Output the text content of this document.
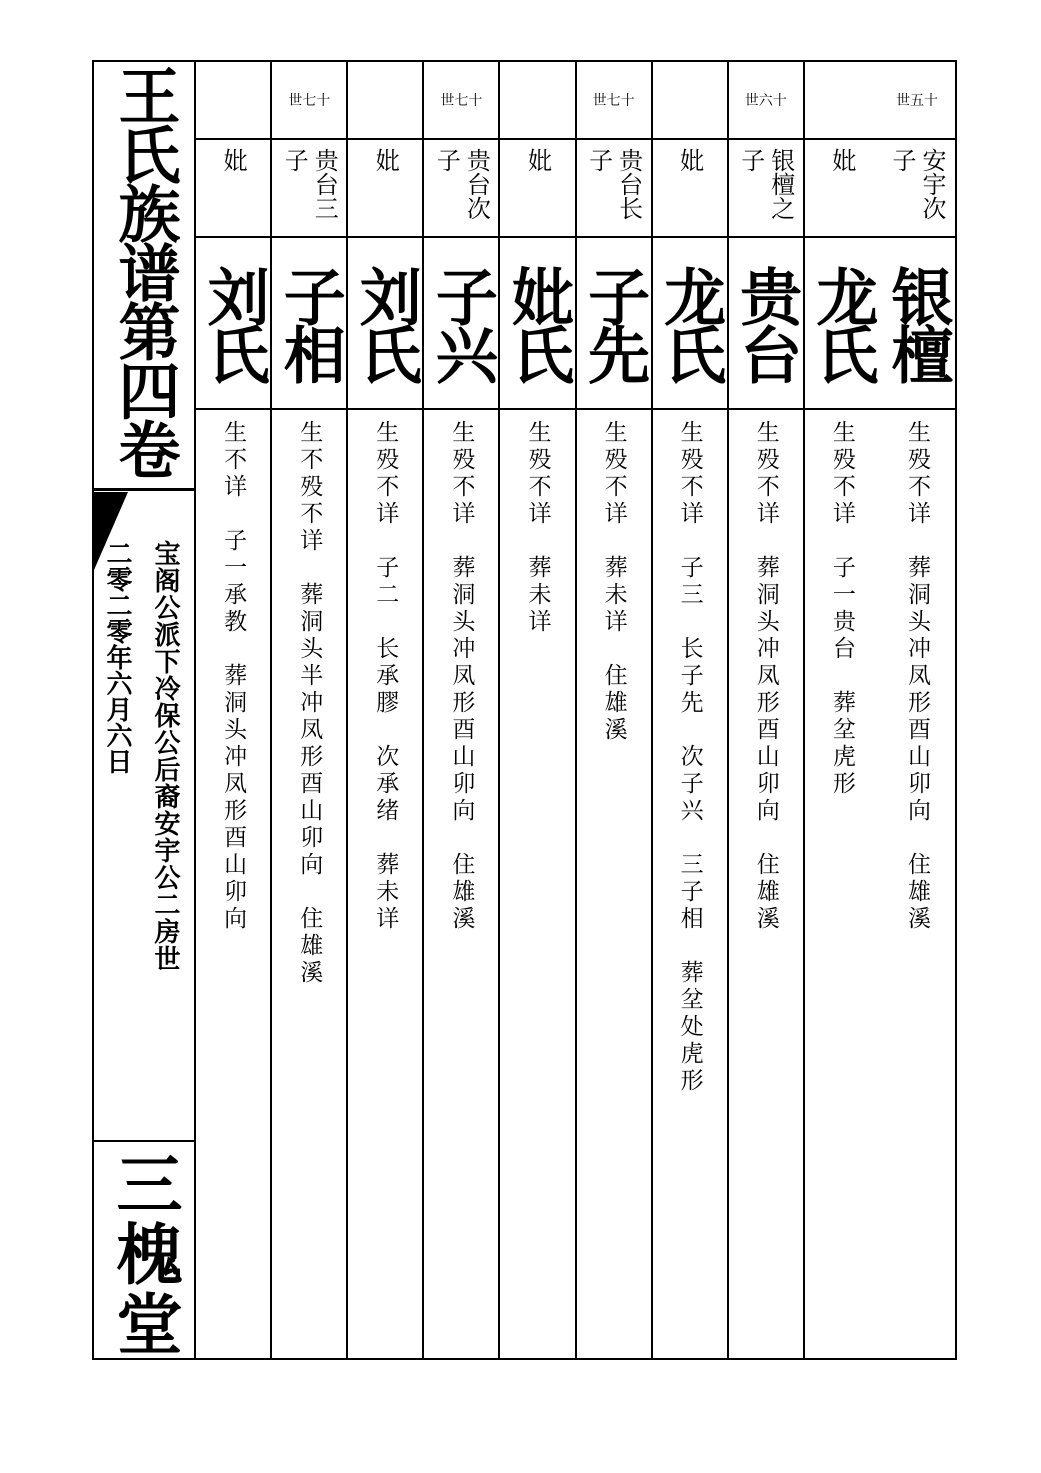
王氏族谱第四卷
宝阁公派下冷保公后裔安宇公二房世
二零二零年六月六日
三槐堂
世五十
安宇次子
银檀
生殁不详　葬洞头冲凤形酉山卯向　住雄溪
妣
龙氏
生殁不详　子一贵台　葬坌虎形
世六十
银檀之子
贵台
生殁不详　葬洞头冲凤形酉山卯向　住雄溪
妣
龙氏
生殁不详　子三　长子先　次子兴　三子相　葬坌处虎形
世七十
贵台长子
子先
生殁不详　葬未详　住雄溪
妣
妣氏
生殁不详　葬未详
世七十
贵台次子
子兴
生殁不详　葬洞头冲凤形酉山卯向　住雄溪
妣
刘氏
生殁不详　子二　长承膠　次承绪　葬未详
世七十
贵台三子
子相
生不殁不详　葬洞头半冲凤形酉山卯向　住雄溪
妣
刘氏
生不详　子一承教　葬洞头冲凤形酉山卯向
